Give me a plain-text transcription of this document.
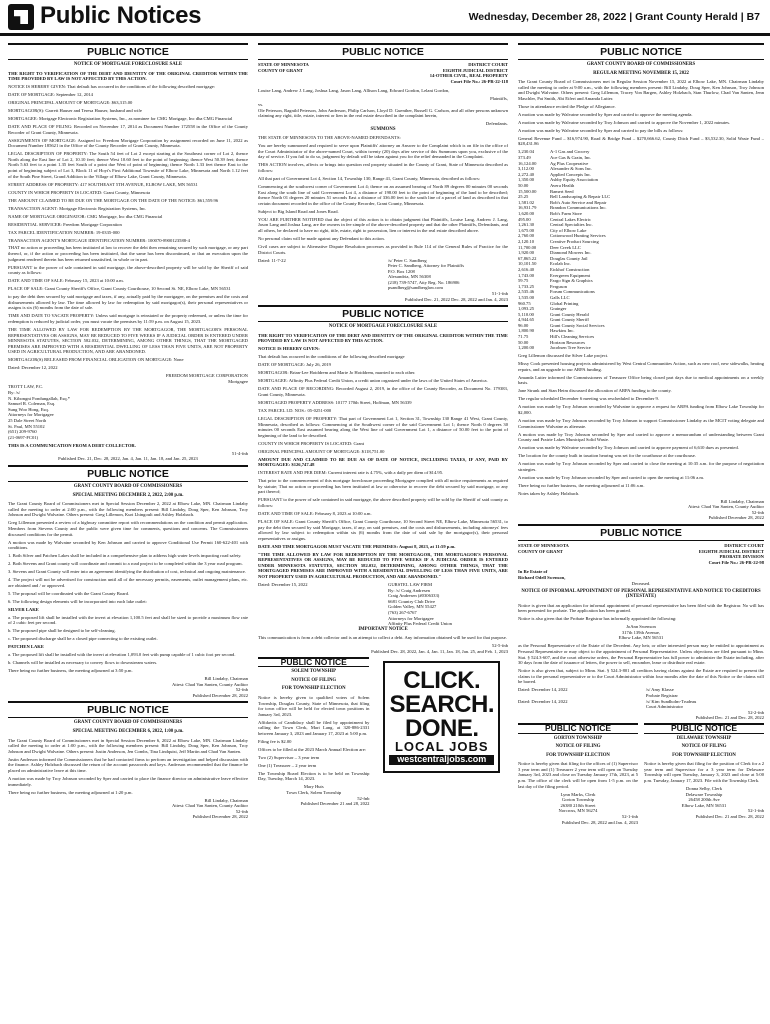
Public Notices	Wednesday, December 28, 2022 | Grant County Herald | B7
PUBLIC NOTICE
NOTICE OF MORTGAGE FORECLOSURE SALE
THE RIGHT TO VERIFICATION OF THE DEBT AND IDENTITY OF THE ORIGINAL CREDITOR WITHIN THE TIME PROVIDED BY LAW IS NOT AFFECTED BY THIS ACTION.
NOTICE IS HEREBY GIVEN: That default has occurred in the conditions of the following described mortgage:
DATE OF MORTGAGE: September 12, 2014
ORIGINAL PRINCIPAL AMOUNT OF MORTGAGE: $63,315.00
MORTGAGOR(S): Garrett Hauser and Teresa Hauser, husband and wife
MORTGAGEE: Mortgage Electronic Registration Systems, Inc., as nominee for CMG Mortgage, Inc dba CMG Financial
DATE AND PLACE OF FILING: Recorded on November 17, 2014 as Document Number 172558 in the Office of the County Recorder of Grant County, Minnesota.
ASSIGNMENTS OF MORTGAGE: Assigned to: Freedom Mortgage Corporation by assignment recorded on June 11, 2022 as Document Number 185621 in the Office of the County Recorder of Grant County, Minnesota.
LEGAL DESCRIPTION OF PROPERTY: The South 54 feet of Lot 2 except starting at the Southeast corner of Lot 2, thence North along the East line of Lot 2, 10.10 feet; thence West 10.60 feet to the point of beginning; thence West 50.39 feet; thence North 5.63 feet to a point 1.35 feet South of a point due West of point of beginning; thence North 1.33 feet thence East to the point of beginning subject of Lot 3, Block 11 of Hoyt's First Additional Townsite of Elbow Lake, Minnesota and North 1.12 feet of the South Pine Street, Grand Addition to the Village of Elbow Lake, Grant County, Minnesota.
STREET ADDRESS OF PROPERTY: 417 SOUTHEAST 5TH AVENUE, ELBOW LAKE, MN 56531
COUNTY IN WHICH PROPERTY IS LOCATED: Grant County, Minnesota
THE AMOUNT CLAIMED TO BE DUE ON THE MORTGAGE ON THE DATE OF THE NOTICE: $61,559.96
TRANSACTION AGENT: Mortgage Electronic Registration Systems, Inc.
NAME OF MORTGAGE ORIGINATOR: CMG Mortgage, Inc dba CMG Financial
RESIDENTIAL SERVICER: Freedom Mortgage Corporation
TAX PARCEL IDENTIFICATION NUMBER: 19-0335-000
TRANSACTION AGENT'S MORTGAGE IDENTIFICATION NUMBER: 100070-8900123588-4
THAT no action or proceeding has been instituted at law to recover the debt then remaining secured by such mortgage, or any part thereof, or, if the action or proceeding has been instituted, that the same has been discontinued, or that an execution upon the judgment rendered therein has been returned unsatisfied, in whole or in part.
PURSUANT to the power of sale contained in said mortgage, the above-described property will be sold by the Sheriff of said county as follows:
DATE AND TIME OF SALE: February 15, 2023 at 10:00 a.m.
PLACE OF SALE: Grant County Sheriff's Office, Grant County Courthouse, 10 Second St. NE, Elbow Lake, MN 56531
to pay the debt then secured by said mortgage and taxes, if any, actually paid by the mortgagee, on the premises and the costs and disbursements allowed by law. The time allowed by law for redemption by said mortgagor(s), their personal representatives or assigns is six (6) months from the date of sale.
TIME AND DATE TO VACATE PROPERTY: Unless said mortgage is reinstated or the property redeemed, or unless the time for redemption is reduced by judicial order, you must vacate the premises by 11:59 p.m. on August 15, 2023.
THE TIME ALLOWED BY LAW FOR REDEMPTION BY THE MORTGAGOR, THE MORTGAGOR'S PERSONAL REPRESENTATIVES OR ASSIGNS, MAY BE REDUCED TO FIVE WEEKS IF A JUDICIAL ORDER IS ENTERED UNDER MINNESOTA STATUTES, SECTION 582.032, DETERMINING, AMONG OTHER THINGS, THAT THE MORTGAGED PREMISES ARE IMPROVED WITH A RESIDENTIAL DWELLING OF LESS THAN FIVE UNITS, ARE NOT PROPERTY USED IN AGRICULTURAL PRODUCTION, AND ARE ABANDONED.
MORTGAGOR(S) RELEASED FROM FINANCIAL OBLIGATION ON MORTGAGE: None
Dated: December 12, 2022
FREEDOM MORTGAGE CORPORATION
Mortgagee
TROTT LAW, P.C.
By: /s/
N. Kibongni Fondungallah, Esq.*
Samuel R. Coleman, Esq.
Sung Woo Hong, Esq.
Attorneys for Mortgagee
25 Dale Street North
St. Paul, MN 55102
(651) 209-9760
(21-0697-FC01)
THIS IS A COMMUNICATION FROM A DEBT COLLECTOR.
51-4-fnb
Published Dec. 21, Dec. 28, 2022, Jan. 4, Jan. 11, Jan. 18, and Jan. 25, 2023
PUBLIC NOTICE
GRANT COUNTY BOARD OF COMMISSIONERS
SPECIAL MEETING DECEMBER 2, 2022, 2:00 p.m.
The Grant County Board of Commissioners met in Special Session December 2, 2022 at Elbow Lake, MN. Chairman Lindaby called the meeting to order at 2:00 p.m., with the following members present: Bill Lindaby, Doug Sper, Ken Johnson, Troy Johnson and Dwight Walvatne. Others present: Greg Lillemon, Kurt Lhingoult and Ashley Holzbach.
Greg Lillemon presented a review of a highway committee report with recommendations on the condition and permit application. Members from Stevens County and the public were given time for comments, questions and concerns. The Commissioners discussed conditions for the permit.
A motion was made by Walvatne seconded by Ken Johnson and carried to approve Conditional Use Permit 160-622-401 with conditions.
1. Both Silver and Patchen Lakes shall be included in a comprehensive plan to address high water levels impacting road safety.
2. Both Stevens and Grant county will coordinate and commit to a road project to be completed within the 3 year road program.
3. Stevens and Grant County will enter into an agreement identifying the distribution of cost, technical and ongoing maintenance.
4. The project will not be advertised for construction until all of the necessary permits, easements, outlet management plans, etc. are obtained and / or approved.
5. The proposal will be coordinated with the Grant County Board.
6. The following design elements will be incorporated into each lake outlet:
SILVER LAKE
a. The proposed lift shall be installed with the invert at elevation 1,100.5 feet and shall be sized to provide a maximum flow rate of 2 cubic feet per second.
b. The proposed pipe shall be designed to be self-cleaning.
c. The proposed discharge shall be a closed pipe connecting to the existing outlet.
PATCHEN LAKE
a. The proposed lift shall be installed with the invert at elevation 1,093.0 feet with pump capable of 1 cubic foot per second.
b. Channels will be installed as necessary to convey flows to downstream waters.
There being no further business, the meeting adjourned at 3:50 p.m.
Bill Lindaby, Chairman
Attest: Chad Van Santen, County Auditor
52-fnb
Published December 28, 2022
PUBLIC NOTICE
GRANT COUNTY BOARD OF COMMISSIONERS
SPECIAL MEETING DECEMBER 6, 2022, 1:00 p.m.
The Grant County Board of Commissioners met in Special Session December 6, 2022 at Elbow Lake, MN. Chairman Lindaby called the meeting to order at 1:00 p.m., with the following members present: Bill Lindaby, Doug Sper, Ken Johnson, Troy Johnson and Dwight Walvatne. Others present: Justin Anderson, Jen Combs, Tina Lindquist, Jeff Martin and Chad Van Santen.
Justin Anderson informed the Commissioners that he had contacted firms to perform an investigation and helped discussion with the finance. Ashley Holzbach discussed the return of the account passwords and keys. Anderson recommended that the finance be placed on administrative leave at this time.
A motion was made by Troy Johnson seconded by Sper and carried to place the finance director on administrative leave effective immediately.
There being no further business, the meeting adjourned at 1:20 p.m.
Bill Lindaby, Chairman
Attest: Chad Van Santen, County Auditor
52-fnb
Published December 28, 2022
PUBLIC NOTICE
STATE OF MINNESOTA
COUNTY OF GRANT
DISTRICT COURT
EIGHTH JUDICIAL DISTRICT
14-OTHER CIVIL, REAL PROPERTY
Court File No.: 26-PR-22-118
Louise Lang, Andrew J. Lang, Joshua Lang, Jason Lang, Allison Lang, Edward Gordon, Lelani Gordon,
Plaintiffs,
vs.
Ole Peterson, Ragnild Peterson, John Anderson, Philip Carlson, Lloyd D. Guenther, Russell G. Carlson, and all other persons unknown claiming any right, title, estate, interest or lien in the real estate described in the complaint herein,
Defendants.
SUMMONS
THE STATE OF MINNESOTA TO THE ABOVE-NAMED DEFENDANTS:
You are hereby summoned and required to serve upon Plaintiffs' attorney an Answer to the Complaint which is on file in the office of the Court Administrator of the above-named Court, within twenty (20) days after service of this Summons upon you, exclusive of the day of service. If you fail to do so, judgment by default will be taken against you for the relief demanded in the Complaint.
THIS ACTION involves, affects or brings into question real property situated in the County of Grant, State of Minnesota described as follows:
All that part of Government Lot 4, Section 14, Township 130, Range 41, Grant County, Minnesota, described as follows:
Commencing at the southwest corner of Government Lot 4; thence on an assumed bearing of North 89 degrees 00 minutes 00 seconds East along the south line of said Government Lot 4, a distance of 198.00 feet to the point of beginning of the land to be described; thence North 01 degrees 20 minutes 51 seconds East a distance of 336.00 feet to the south line of a parcel of land as described in that certain document recorded in the office of the County Recorder, Grant County, Minnesota.
Subject to Big Island Road and Jones Road.
YOU ARE FURTHER NOTIFIED that the object of this action is to obtain judgment that Plaintiffs, Louise Lang, Andrew J. Lang, Jason Lang and Joshua Lang, are the owners in fee simple of the above-described property and that the other Plaintiffs, Defendants, and all others, be declared to have no right, title, estate, right to possession, lien or interest in the real estate described above.
No personal claim will be made against any Defendant to this action.
Civil cases are subject to Alternative Dispute Resolution processes as provided in Rule 114 of the General Rules of Practice for the District Courts.
Dated: 11-7-22	/s/ Peter C. Sandberg
Peter C. Sandberg, Attorney for Plaintiffs
P.O. Box 1208
Alexandria, MN 56308
(218) 739-5747, Atty Reg. No. 186906
psandberg@sandberglaw.com
51-1-fnb
Published Dec. 21, 2022 Dec. 28, 2022 and Jan. 4, 2023
PUBLIC NOTICE
NOTICE OF MORTGAGE FORECLOSURE SALE
THE RIGHT TO VERIFICATION OF THE DEBT AND IDENTITY OF THE ORIGINAL CREDITOR WITHIN THE TIME PROVIDED BY LAW IS NOT AFFECTED BY THIS ACTION.
NOTICE IS HEREBY GIVEN:
That default has occurred in the conditions of the following described mortgage
DATE OF MORTGAGE: July 26, 2019
MORTGAGOR: Brian-Lee Hoiddrem and Marie Jo Hoiddrem, married to each other.
MORTGAGEE: Affinity Plus Federal Credit Union, a credit union organized under the laws of the United States of America.
DATE AND PLACE OF RECORDING: Recorded August 2, 2019, in the office of the County Recorder, as Document No. 179383, Grant County, Minnesota.
MORTGAGED PROPERTY ADDRESS: 10177 170th Street, Hoffman, MN 56339
TAX PARCEL I.D. NOS.: 05-0251-000
LEGAL DESCRIPTION OF PROPERTY: That part of Government Lot 1, Section 31, Township 130 Range 41 West, Grant County, Minnesota, described as follows: Commencing at the Southwest corner of the said Government Lot 1; thence North 0 degrees 30 minutes 00 seconds East assumed bearing along the West line of said Government Lot 1, a distance of 50.00 feet to the point of beginning of the land to be described.
COUNTY IN WHICH PROPERTY IS LOCATED: Grant
ORIGINAL PRINCIPAL AMOUNT OF MORTGAGE: $118,751.00
AMOUNT DUE AND CLAIMED TO BE DUE AS OF DATE OF NOTICE, INCLUDING TAXES, IF ANY, PAID BY MORTGAGEE: $126,747.48
INTEREST RATE AND PER DIEM: Current interest rate is 4.75%, with a daily per diem of $14.95.
That prior to the commencement of this mortgage foreclosure proceeding Mortgagee complied with all notice requirements as required by statute; That no action or proceeding has been instituted at law or otherwise to recover the debt secured by said mortgage, or any part thereof;
PURSUANT to the power of sale contained in said mortgage, the above described property will be sold by the Sheriff of said county as follows:
DATE AND TIME OF SALE: February 8, 2023 at 10:00 a.m.
PLACE OF SALE: Grant County Sheriff's Office, Grant County Courthouse, 10 Second Street NE, Elbow Lake, Minnesota 56531, to pay the debt then secured by said Mortgage, taxes, if any, on said premises, and the costs and disbursements, including attorneys' fees allowed by law subject to redemption within six (6) months from the date of said sale by the mortgagor(s), their personal representatives or assigns.
DATE AND TIME MORTGAGOR MUST VACATE THE PREMISES: August 8, 2023, at 11:59 p.m.
"THE TIME ALLOWED BY LAW FOR REDEMPTION BY THE MORTGAGOR, THE MORTGAGOR'S PERSONAL REPRESENTATIVES OR ASSIGNS, MAY BE REDUCED TO FIVE WEEKS IF A JUDICIAL ORDER IS ENTERED UNDER MINNESOTA STATUTES, SECTION 582.032, DETERMINING, AMONG OTHER THINGS, THAT THE MORTGAGED PREMISES ARE IMPROVED WITH A RESIDENTIAL DWELLING OF LESS THAN FIVE UNITS, ARE NOT PROPERTY USED IN AGRICULTURAL PRODUCTION, AND ARE ABANDONED."
Dated: December 15, 2022	GURSTEL LAW FIRM
By: /s/ Craig Andresen
Craig Andresen (#0306333)
6681 Country Club Drive
Golden Valley, MN 55427
(763) 267-6767
Attorneys for Mortgagee
Affinity Plus Federal Credit Union
IMPORTANT NOTICE
This communication is from a debt collector and is an attempt to collect a debt. Any information obtained will be used for that purpose.
52-5-fnb
Published Dec. 28, 2022, Jan. 4, Jan. 11, Jan. 18, Jan. 25, and Feb. 1, 2023
PUBLIC NOTICE
SOLEM TOWNSHIP
NOTICE OF FILING
FOR TOWNSHIP ELECTION
Notice is hereby given to qualified voters of Solem Township, Douglas County, State of Minnesota, that filing for town office will be held for elected town positions in January 3rd, 2023.
Affidavits of Candidacy shall be filed by appointment by calling the Town Clerk, Mari Lang, at 320-886-2331 between January 3, 2023 and January 17, 2023 at 5:00 p.m.
Filing fee is $2.00
Offices to be filled at the 2023 March Annual Election are:
Two (2) Supervisor – 3 year term
One (1) Treasurer – 2 year term
The Township Board Election is to be held on Township Day, Tuesday, March 14, 2023.
Mary Huts
Town Clerk, Solem Township
52-fnb
Published December 21 and 28, 2022
CLICK.
SEARCH.
DONE.
LOCAL JOBS
westcentraljobs.com
PUBLIC NOTICE
GRANT COUNTY BOARD OF COMMISSIONERS
REGULAR MEETING NOVEMBER 15, 2022
The Grant County Board of Commissioners met in Regular Session November 15, 2022 at Elbow Lake, MN. Chairman Lindaby called the meeting to order at 9:00 a.m., with the following members present: Bill Lindaby, Doug Sper, Ken Johnson, Troy Johnson and Dwight Walvatne. Others present: Greg Lillemon, Tracey Von Bargen, Ashley Holzbach, Stan Thurlow, Chad Van Santen, Jenn Maschler, Pat Smith, Abi Eifert and Amanda Lutter.
Those in attendance recited the Pledge of Allegiance.
A motion was made by Walvatne seconded by Sper and carried to approve the meeting agenda.
A motion was made by Walvatne seconded by Troy Johnson and carried to approve the November 1, 2022 minutes.
A motion was made by Walvatne seconded by Sper and carried to pay the bills as follows:
General Revenue Fund – $16,974.90, Road & Bridge Fund – $270,666.62, County Ditch Fund – $3,532.30, Solid Waste Fund – $28,431.86
3,230.04
373.49
16,124.00
3,112.00
2,272.40
1,350.00
50.00
15,500.00
25.25
1,581.02
16,931.79
1,620.00
495.00
1,261.30
1,675.00
2,760.00
2,120.10
11,700.00
1,920.00
67,865.22
10,101.50
2,616.40
1,743.00
59.75
1,733.25
2,535.46
1,535.00
960.75
1,093.25
5,110.00
4,944.65
96.00
1,800.90
71.75
50.00
1,200.00
A-1 Gas and Grocery
Ace Gas & Grain, Inc.
Ag Plus Cooperative
Alexander & Sons Inc.
Applied Concepts Inc.
Ashby Equity Association
Avera Health
Bamert Seed
Bell Landscaping & Repair LLC
Bob's Auto Service and Repair
Brandon Communications Inc.
Bob's Farm Store
Central Lakes Electric
Central Specialties Inc.
City of Elbow Lake
Cottonwood Hunting Services
Creative Product Sourcing
Deer Creek LLC
Diamond Mowers Inc.
Douglas County Jail
Ecolab Inc.
Eickhof Construction
Evergreen Equipment
Fargo Sign & Graphics
Ferguson
Forum Communications
Galls LLC
Global Printing
Grainger
Grant County Herald
Grant County Sheriff
Grant County Social Services
Hawkins Inc.
Hill's Cleaning Services
Horizon Resources
Jacobsen Tree Service
Greg Lillemon discussed the Silver Lake project.
Missy Cook presented housing projects administered by West Central Communities Action, such as new roof, new sidewalks, heating repairs, and an upgrade to our ARPA funding.
Amanda Lutter informed the Commissioners of Treasurer Office being closed part days due to medical appointments on a weekly basis.
Jane Strunk and Stan Heim discussed the allocation of ARPA funding to the county.
The regular scheduled December 6 meeting was rescheduled to December 9.
A motion was made by Troy Johnson seconded by Walvatne to approve a request for ARPA funding from Elbow Lake Township for $2,000.
A motion was made by Troy Johnson seconded by Troy Johnson to support Commissioner Lindaby as the MCIT voting delegate and Commissioner Walvatne as alternate.
A motion was made by Troy Johnson seconded by Sper and carried to approve a memorandum of understanding between Grant County and Prairie Lakes Municipal Solid Waste.
A motion was made by Walvatne seconded by Troy Johnson and carried to approve payment of 6,610 dues as presented.
The location for the county built in taxation hearing was set for the courthouse at the courthouse.
A motion was made by Troy Johnson seconded by Sper and carried to close the meeting at 10:35 a.m. for the purpose of negotiation strategies.
A motion was made by Troy Johnson seconded by Sper and carried to open the meeting at 11:06 a.m.
There being no further business, the meeting adjourned at 11:06 a.m.
Notes taken by Ashley Holzbach.
Bill Lindaby, Chairman
Attest: Chad Van Santen, County Auditor
52-fnb
Published December 28, 2022
PUBLIC NOTICE
STATE OF MINNESOTA
COUNTY OF GRANT
DISTRICT COURT
EIGHTH JUDICIAL DISTRICT
PROBATE DIVISION
Court File No.: 26-PR-22-98
In Re Estate of
Richard Odell Swenson,
Deceased.
NOTICE OF INFORMAL APPOINTMENT OF PERSONAL REPRESENTATIVE AND NOTICE TO CREDITORS (INTESTATE)
Notice is given that an application for informal appointment of personal representative has been filed with the Registrar. No will has been presented for probate. The application has been granted.
Notice is also given that the Probate Registrar has informally appointed the following:
JoAnn Swenson
317th 139th Avenue,
Elbow Lake, MN 56531
as the Personal Representative of the Estate of the Decedent. Any heir, or other interested person may be entitled to appointment as Personal Representative or may object to the appointment of Personal Representative. Unless objections are filed pursuant to Minn. Stat. § 524.3-607, and the court otherwise orders, the Personal Representative has full power to administer the Estate including, after 30 days from the date of issuance of letters, the power to sell, encumber, lease or distribute real estate.
Notice is also given that, subject to Minn. Stat. § 524.3-801 all creditors having claims against the Estate are required to present the claims to the personal representative or to the Court Administrator within four months after the date of this Notice or the claims will be barred.
Dated: December 14, 2022	/s/ Amy Klasse
Probate Registrar
Dated: December 14, 2022	/s/ Kim Sundholm-Trudeau
Court Administrator
52-2-fnb
Published Dec. 21 and Dec. 28, 2022
PUBLIC NOTICE
GORTON TOWNSHIP
NOTICE OF FILING
FOR TOWNSHIP ELECTION
Notice is hereby given that filing for the offices of (1) Supervisor 3 year term and (1) Treasurer 2 year term will open on Tuesday January 3rd, 2023 and close on Tuesday January 17th, 2023, at 5 p.m. The office of the clerk will be open from 1-5 p.m. on the last day of the filing period.
Lynn Marks, Clerk
Gorton Township
26380 210th Street
Norcross, MN 56274
52-1-fnb
Published Dec. 28, 2022 and Jan. 4, 2023
PUBLIC NOTICE
DELAWARE TOWNSHIP
NOTICE OF FILING
FOR TOWNSHIP ELECTION
Notice is hereby given that filing for the position of Clerk for a 2 year term and Supervisor for a 3 year term for Delaware Township will open Tuesday, January 3, 2023 and close at 5:00 p.m. Tuesday, January 17, 2023. File with the Township Clerk.
Donna Selby, Clerk
Delaware Township
26458 200th Ave
Elbow Lake, MN 56531
52-1-fnb
Published Dec. 21 and Dec. 28, 2022
